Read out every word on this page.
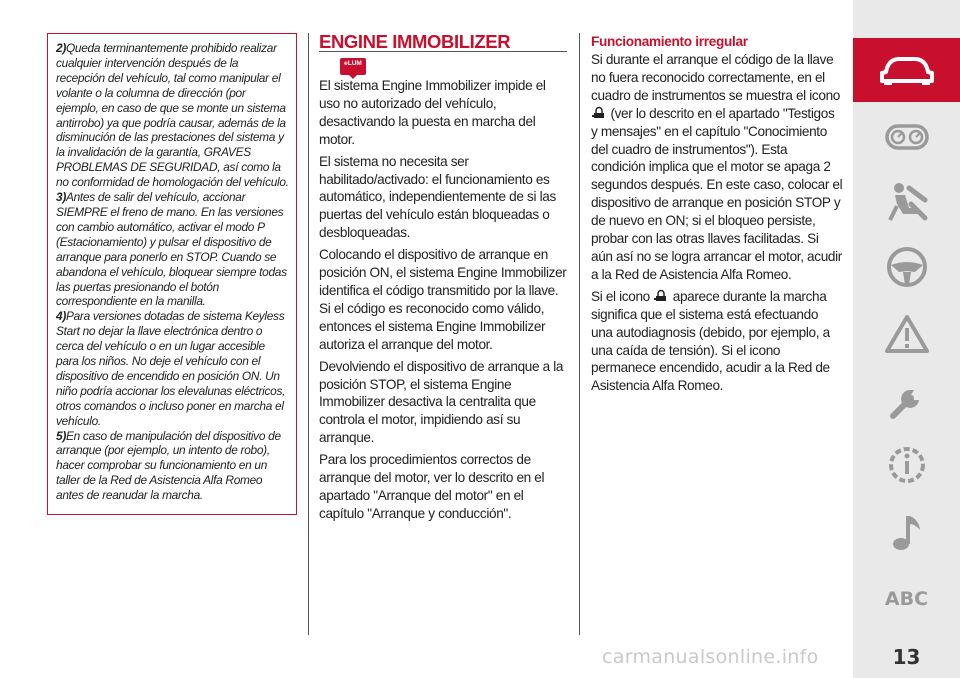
2)Queda terminantemente prohibido realizar cualquier intervención después de la recepción del vehículo, tal como manipular el volante o la columna de dirección (por ejemplo, en caso de que se monte un sistema antirrobo) ya que podría causar, además de la disminución de las prestaciones del sistema y la invalidación de la garantía, GRAVES PROBLEMAS DE SEGURIDAD, así como la no conformidad de homologación del vehículo.

3)Antes de salir del vehículo, accionar SIEMPRE el freno de mano. En las versiones con cambio automático, activar el modo P (Estacionamiento) y pulsar el dispositivo de arranque para ponerlo en STOP. Cuando se abandona el vehículo, bloquear siempre todas las puertas presionando el botón correspondiente en la manilla.

4)Para versiones dotadas de sistema Keyless Start no dejar la llave electrónica dentro o cerca del vehículo o en un lugar accesible para los niños. No deje el vehículo con el dispositivo de encendido en posición ON. Un niño podría accionar los elevalunas eléctricos, otros comandos o incluso poner en marcha el vehículo.

5)En caso de manipulación del dispositivo de arranque (por ejemplo, un intento de robo), hacer comprobar su funcionamiento en un taller de la Red de Asistencia Alfa Romeo antes de reanudar la marcha.

ENGINE IMMOBILIZER
eLUM

El sistema Engine Immobilizer impide el uso no autorizado del vehículo, desactivando la puesta en marcha del motor.

El sistema no necesita ser habilitado/activado: el funcionamiento es automático, independientemente de si las puertas del vehículo están bloqueadas o desbloqueadas.

Colocando el dispositivo de arranque en posición ON, el sistema Engine Immobilizer identifica el código transmitido por la llave. Si el código es reconocido como válido, entonces el sistema Engine Immobilizer autoriza el arranque del motor.

Devolviendo el dispositivo de arranque a la posición STOP, el sistema Engine Immobilizer desactiva la centralita que controla el motor, impidiendo así su arranque.

Para los procedimientos correctos de arranque del motor, ver lo descrito en el apartado "Arranque del motor" en el capítulo "Arranque y conducción".

Funcionamiento irregular

Si durante el arranque el código de la llave no fuera reconocido correctamente, en el cuadro de instrumentos se muestra el icono  (ver lo descrito en el apartado "Testigos y mensajes" en el capítulo "Conocimiento del cuadro de instrumentos"). Esta condición implica que el motor se apaga 2 segundos después. En este caso, colocar el dispositivo de arranque en posición STOP y de nuevo en ON; si el bloqueo persiste, probar con las otras llaves facilitadas. Si aún así no se logra arrancar el motor, acudir a la Red de Asistencia Alfa Romeo.

Si el icono aparece durante la marcha significa que el sistema está efectuando una autodiagnosis (debido, por ejemplo, a una caída de tensión). Si el icono permanece encendido, acudir a la Red de Asistencia Alfa Romeo.

ABC
13
carmanualsonline.info
